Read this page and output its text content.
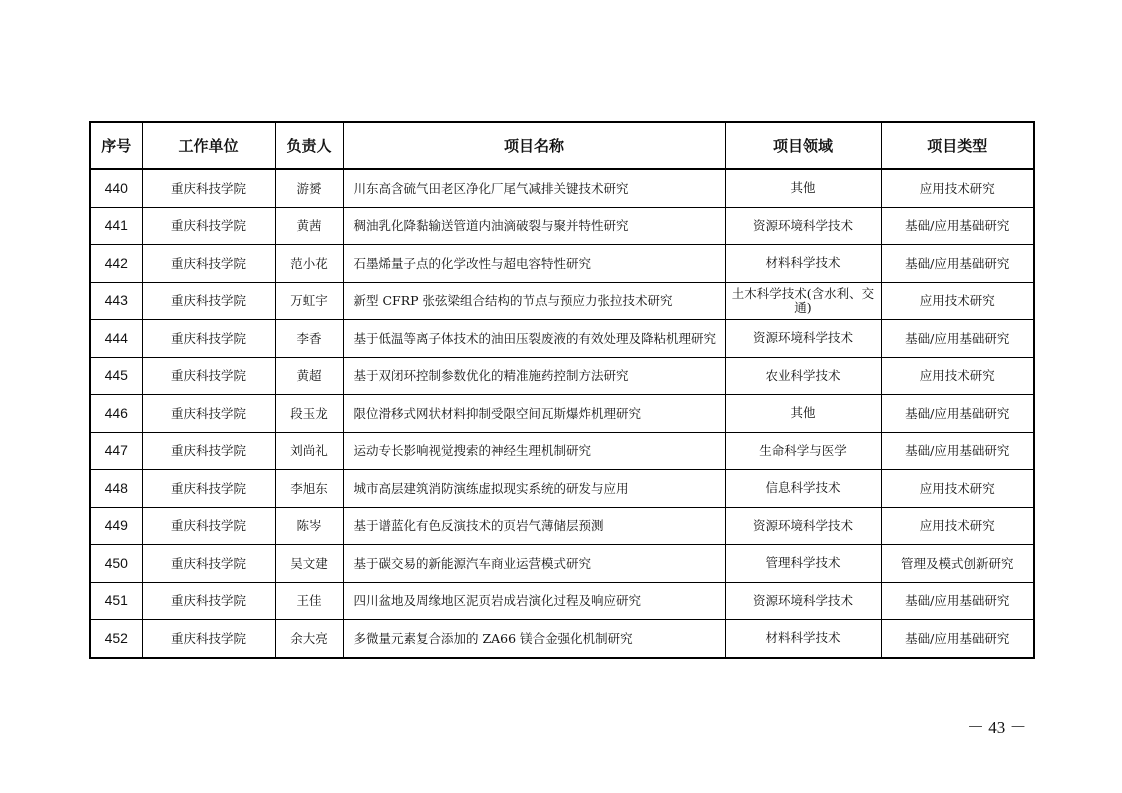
序号	工作单位	负责人	项目名称	项目领域	项目类型
440	重庆科技学院	游赟	川东高含硫气田老区净化厂尾气减排关键技术研究	其他	应用技术研究
441	重庆科技学院	黄茜	稠油乳化降黏输送管道内油滴破裂与聚并特性研究	资源环境科学技术	基础/应用基础研究
442	重庆科技学院	范小花	石墨烯量子点的化学改性与超电容特性研究	材料科学技术	基础/应用基础研究
443	重庆科技学院	万虹宇	新型 CFRP 张弦梁组合结构的节点与预应力张拉技术研究	土木科学技术(含水利、交通)	应用技术研究
444	重庆科技学院	李香	基于低温等离子体技术的油田压裂废液的有效处理及降粘机理研究	资源环境科学技术	基础/应用基础研究
445	重庆科技学院	黄超	基于双闭环控制参数优化的精准施药控制方法研究	农业科学技术	应用技术研究
446	重庆科技学院	段玉龙	限位滑移式网状材料抑制受限空间瓦斯爆炸机理研究	其他	基础/应用基础研究
447	重庆科技学院	刘尚礼	运动专长影响视觉搜索的神经生理机制研究	生命科学与医学	基础/应用基础研究
448	重庆科技学院	李旭东	城市高层建筑消防演练虚拟现实系统的研发与应用	信息科学技术	应用技术研究
449	重庆科技学院	陈岑	基于谱蓝化有色反演技术的页岩气薄储层预测	资源环境科学技术	应用技术研究
450	重庆科技学院	吴文建	基于碳交易的新能源汽车商业运营模式研究	管理科学技术	管理及模式创新研究
451	重庆科技学院	王佳	四川盆地及周缘地区泥页岩成岩演化过程及响应研究	资源环境科学技术	基础/应用基础研究
452	重庆科技学院	余大亮	多微量元素复合添加的 ZA66 镁合金强化机制研究	材料科学技术	基础/应用基础研究
－ 43 －
